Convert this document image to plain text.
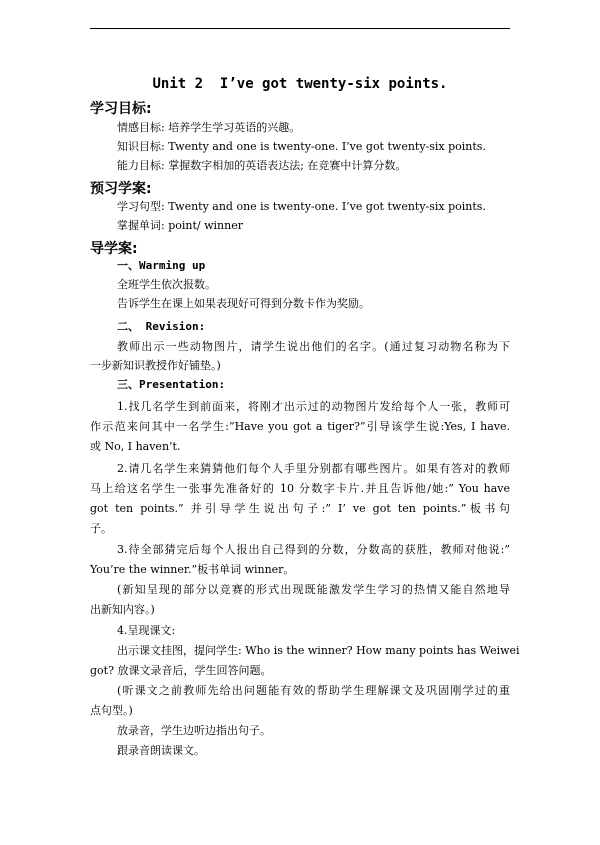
Unit 2  I’ve got twenty-six points.
学习目标:
情感目标: 培养学生学习英语的兴趣。
知识目标: Twenty and one is twenty-one. I’ve got twenty-six points.
能力目标: 掌握数字相加的英语表达法; 在竞赛中计算分数。
预习学案:
学习句型: Twenty and one is twenty-one. I’ve got twenty-six points.
掌握单词: point/ winner
导学案:
一、Warming up
全班学生依次报数。
告诉学生在课上如果表现好可得到分数卡作为奖励。
二、 Revision:
教师出示一些动物图片，请学生说出他们的名字。(通过复习动物名称为下
一步新知识教授作好铺垫。)
三、Presentation:
1.找几名学生到前面来，将刚才出示过的动物图片发给每个人一张，教师可
作示范来问其中一名学生:”Have you got a tiger?”引导该学生说:Yes, I have.
或 No, I haven’t.
2.请几名学生来猜猜他们每个人手里分别都有哪些图片。如果有答对的教师
马上给这名学生一张事先准备好的 10 分数字卡片.并且告诉他/她:” You have
got ten points.” 并引导学生说出句子:” I’ ve got ten points.”板书句
子。
3.待全部猜完后每个人报出自己得到的分数，分数高的获胜，教师对他说:”
You’re the winner.”板书单词 winner。
(新知呈现的部分以竞赛的形式出现既能激发学生学习的热情又能自然地导
出新知内容。)
4.呈现课文:
出示课文挂图，提问学生: Who is the winner? How many points has Weiwei
got? 放课文录音后，学生回答问题。
(听课文之前教师先给出问题能有效的帮助学生理解课文及巩固刚学过的重
点句型。)
放录音，学生边听边指出句子。
跟录音朗读课文。
